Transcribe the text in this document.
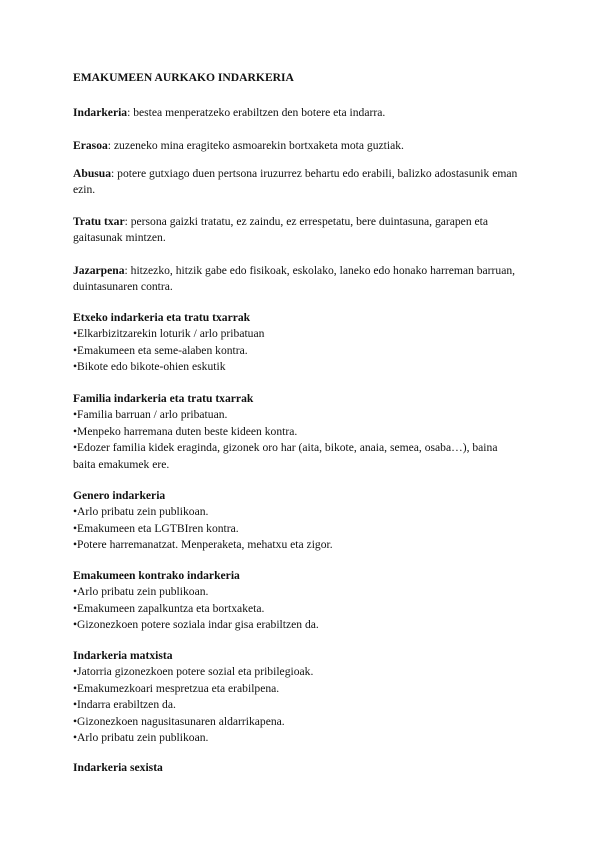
EMAKUMEEN AURKAKO INDARKERIA
Indarkeria: bestea menperatzeko erabiltzen den botere eta indarra.
Erasoa: zuzeneko mina eragiteko asmoarekin bortxaketa mota guztiak.
Abusua: potere gutxiago duen pertsona iruzurrez behartu edo erabili, balizko adostasunik eman ezin.
Tratu txar: persona gaizki tratatu, ez zaindu, ez errespetatu, bere duintasuna, garapen eta gaitasunak mintzen.
Jazarpena: hitzezko, hitzik gabe edo fisikoak, eskolako, laneko edo honako harreman barruan, duintasunaren contra.
Etxeko indarkeria eta tratu txarrak
•Elkarbizitzarekin loturik / arlo pribatuan
•Emakumeen eta seme-alaben kontra.
•Bikote edo bikote-ohien eskutik
Familia indarkeria eta tratu txarrak
•Familia barruan / arlo pribatuan.
•Menpeko harremana duten beste kideen kontra.
•Edozer familia kidek eraginda, gizonek oro har (aita, bikote, anaia, semea, osaba…), baina baita emakumek ere.
Genero indarkeria
•Arlo pribatu zein publikoan.
•Emakumeen eta LGTBIren kontra.
•Potere harremanatzat. Menperaketa, mehatxu eta zigor.
Emakumeen kontrako indarkeria
•Arlo pribatu zein publikoan.
•Emakumeen zapalkuntza eta bortxaketa.
•Gizonezkoen potere soziala indar gisa erabiltzen da.
Indarkeria matxista
•Jatorria gizonezkoen potere sozial eta pribilegioak.
•Emakumezkoari mespretzua eta erabilpena.
•Indarra erabiltzen da.
•Gizonezkoen nagusitasunaren aldarrikapena.
•Arlo pribatu zein publikoan.
Indarkeria sexista
